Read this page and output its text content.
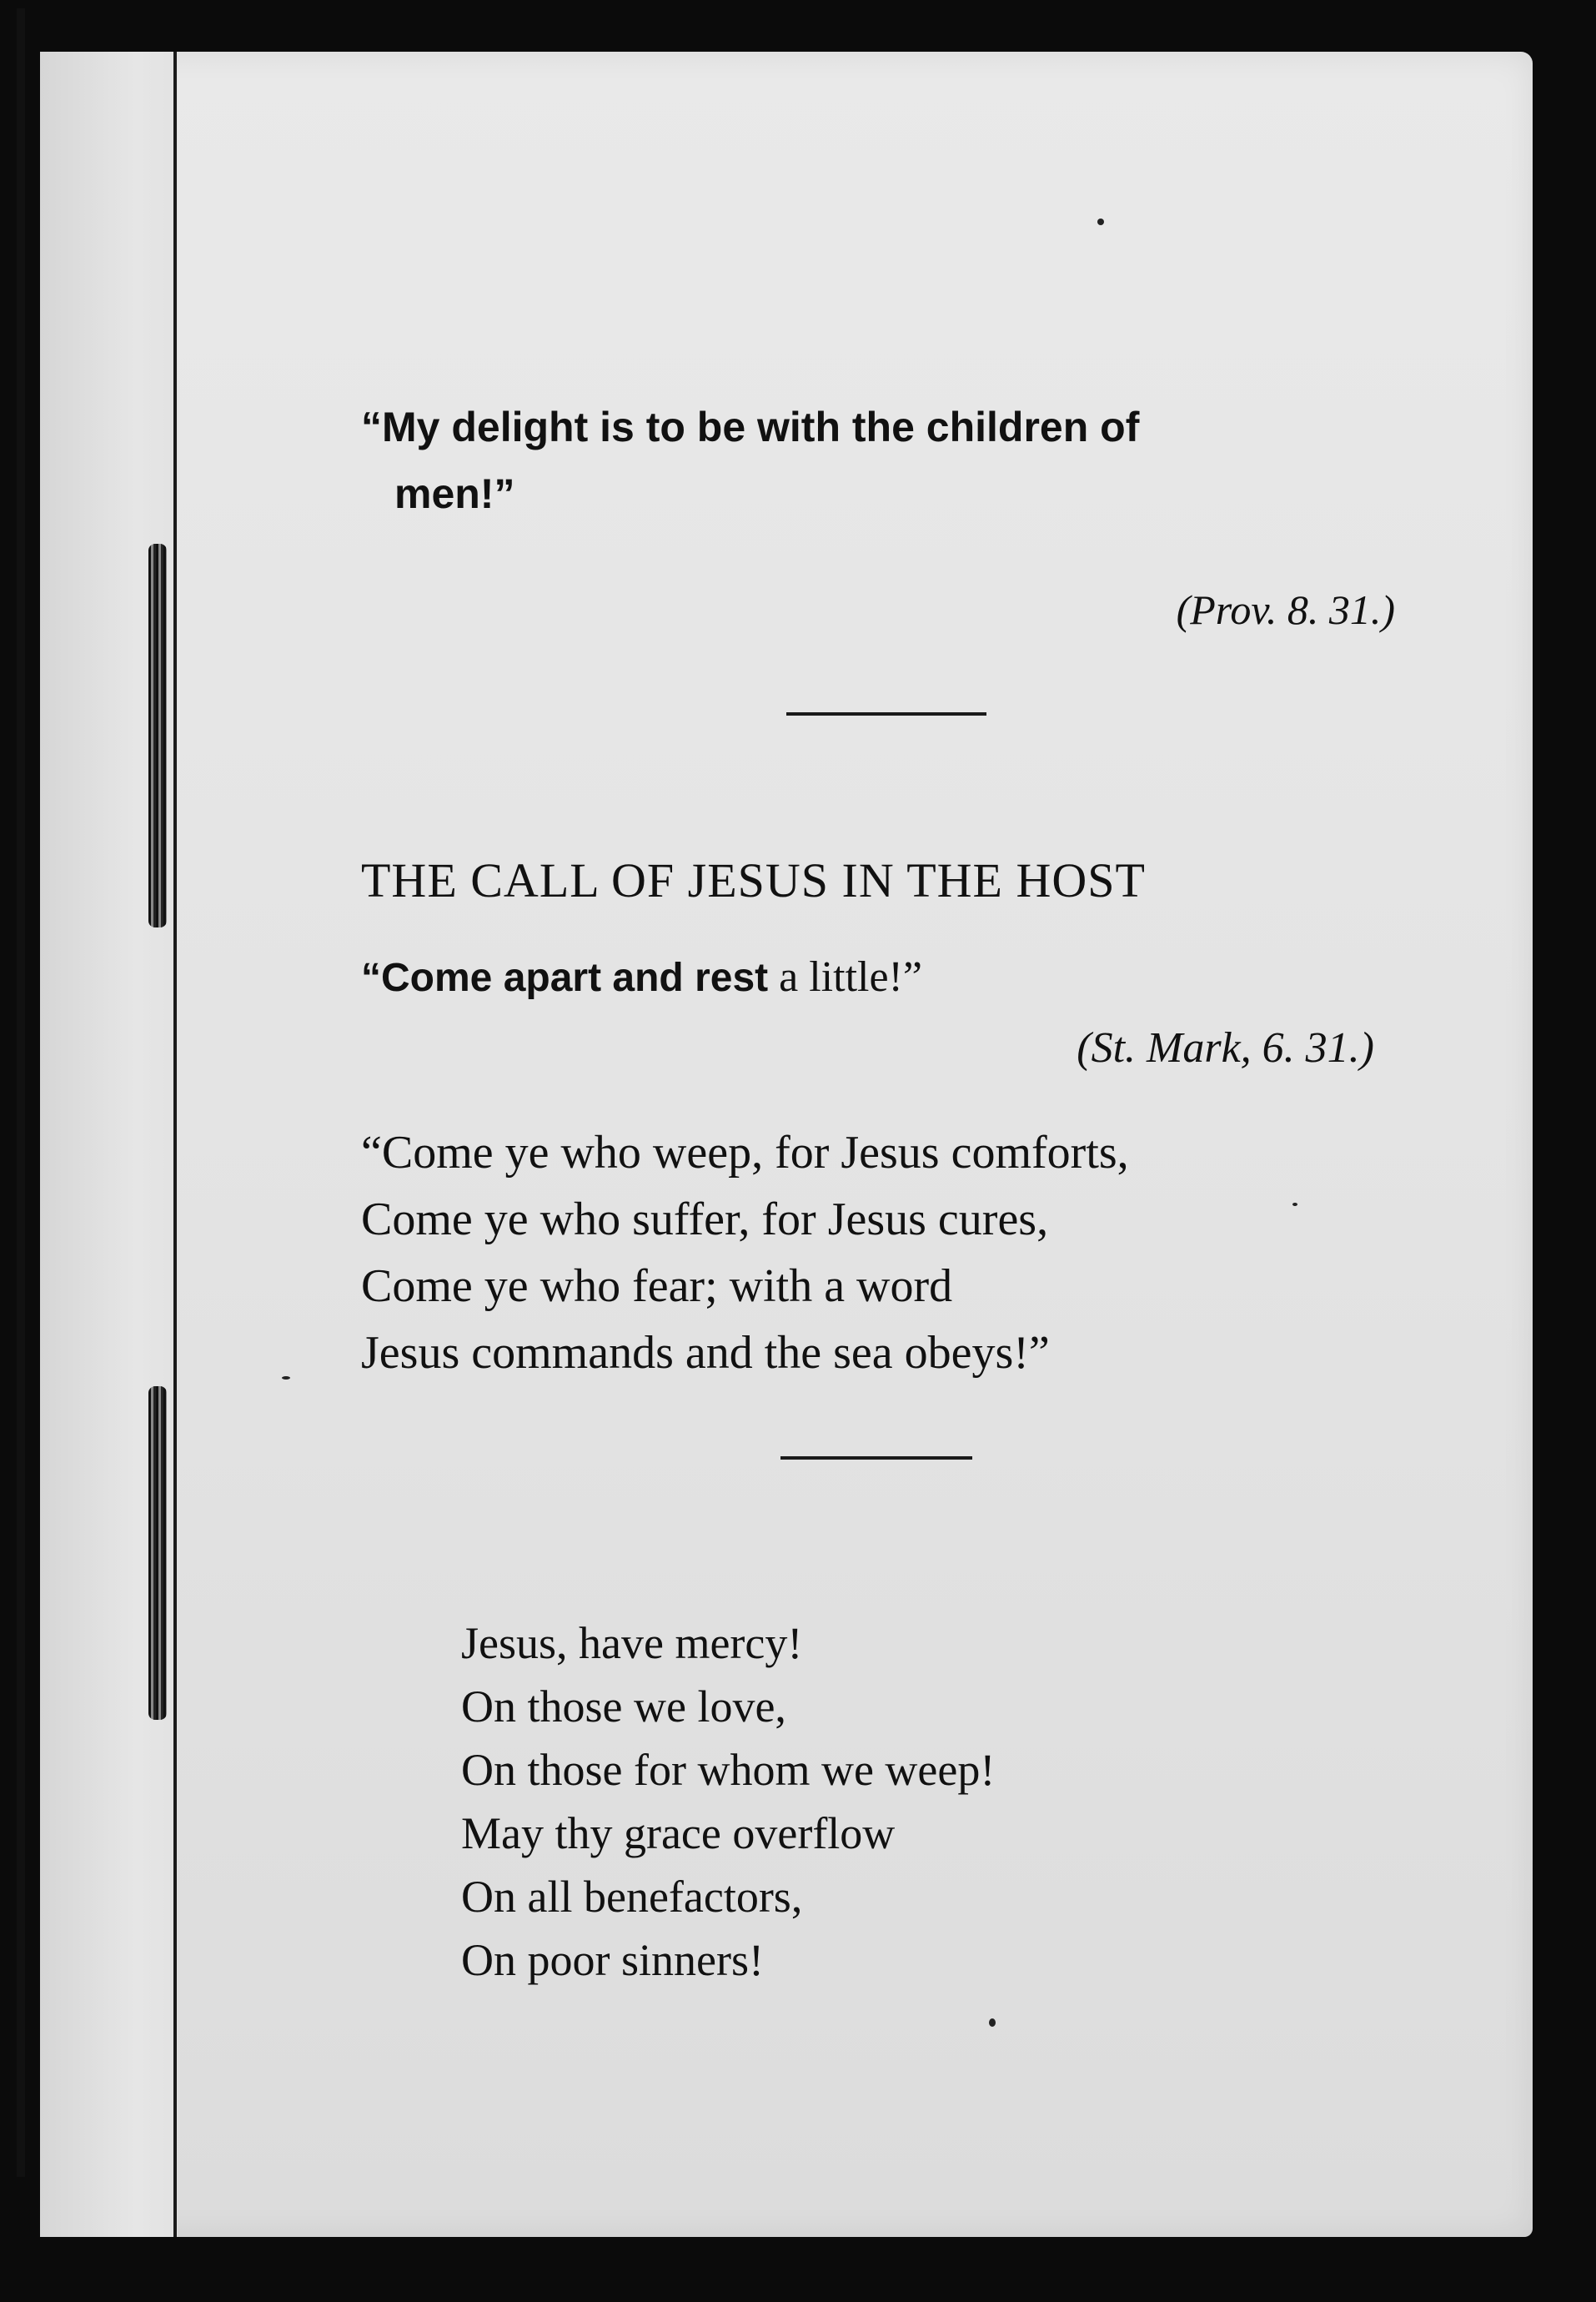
“My delight is to be with the children of
men!”
(Prov. 8. 31.)
THE CALL OF JESUS IN THE HOST
“Come apart and rest a little!”
(St. Mark, 6. 31.)
“Come ye who weep, for Jesus comforts,
Come ye who suffer, for Jesus cures,
Come ye who fear; with a word
Jesus commands and the sea obeys!”
Jesus, have mercy!
On those we love,
On those for whom we weep!
May thy grace overflow
On all benefactors,
On poor sinners!
